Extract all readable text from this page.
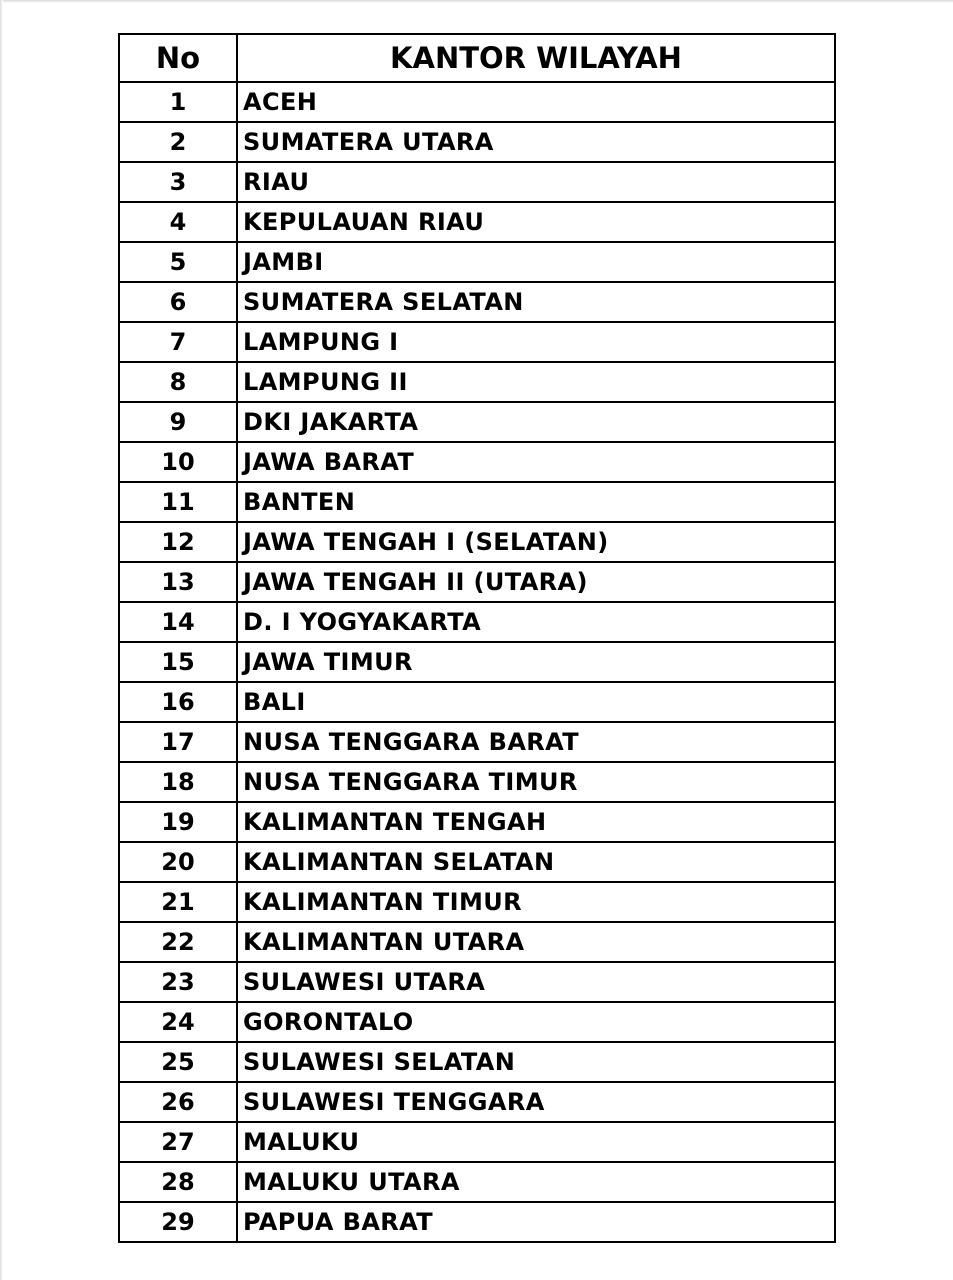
No	KANTOR WILAYAH
1	ACEH
2	SUMATERA UTARA
3	RIAU
4	KEPULAUAN RIAU
5	JAMBI
6	SUMATERA SELATAN
7	LAMPUNG I
8	LAMPUNG II
9	DKI JAKARTA
10	JAWA BARAT
11	BANTEN
12	JAWA TENGAH I (SELATAN)
13	JAWA TENGAH II (UTARA)
14	D. I YOGYAKARTA
15	JAWA TIMUR
16	BALI
17	NUSA TENGGARA BARAT
18	NUSA TENGGARA TIMUR
19	KALIMANTAN TENGAH
20	KALIMANTAN SELATAN
21	KALIMANTAN TIMUR
22	KALIMANTAN UTARA
23	SULAWESI UTARA
24	GORONTALO
25	SULAWESI SELATAN
26	SULAWESI TENGGARA
27	MALUKU
28	MALUKU UTARA
29	PAPUA BARAT
